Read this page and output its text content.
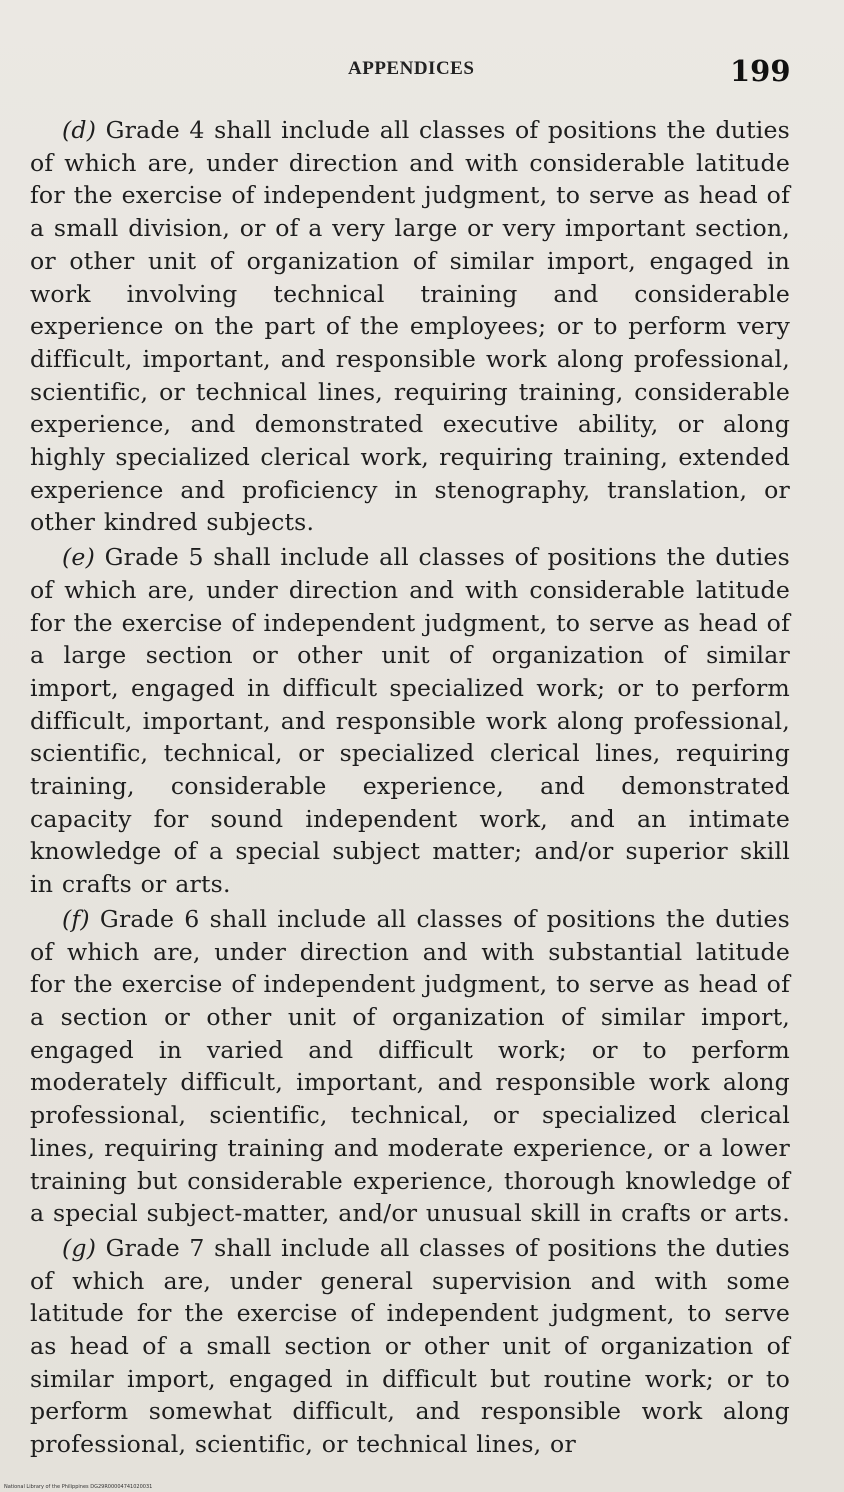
APPENDICES	199

(d) Grade 4 shall include all classes of positions the duties of which are, under direction and with considerable latitude for the exercise of independent judgment, to serve as head of a small division, or of a very large or very important section, or other unit of organization of similar import, engaged in work involving technical training and considerable experience on the part of the employees; or to perform very difficult, important, and responsible work along professional, scientific, or technical lines, requiring training, considerable experience, and demonstrated executive ability, or along highly specialized clerical work, requiring training, extended experience and proficiency in stenography, translation, or other kindred subjects.

(e) Grade 5 shall include all classes of positions the duties of which are, under direction and with considerable latitude for the exercise of independent judgment, to serve as head of a large section or other unit of organization of similar import, engaged in difficult specialized work; or to perform difficult, important, and responsible work along professional, scientific, technical, or specialized clerical lines, requiring training, considerable experience, and demonstrated capacity for sound independent work, and an intimate knowledge of a special subject matter; and/or superior skill in crafts or arts.

(f) Grade 6 shall include all classes of positions the duties of which are, under direction and with substantial latitude for the exercise of independent judgment, to serve as head of a section or other unit of organization of similar import, engaged in varied and difficult work; or to perform moderately difficult, important, and responsible work along professional, scientific, technical, or specialized clerical lines, requiring training and moderate experience, or a lower training but considerable experience, thorough knowledge of a special subject-matter, and/or unusual skill in crafts or arts.

(g) Grade 7 shall include all classes of positions the duties of which are, under general supervision and with some latitude for the exercise of independent judgment, to serve as head of a small section or other unit of organization of similar import, engaged in difficult but routine work; or to perform somewhat difficult, and responsible work along professional, scientific, or technical lines, or

National Library of the Philippines DG29R00004741020031
